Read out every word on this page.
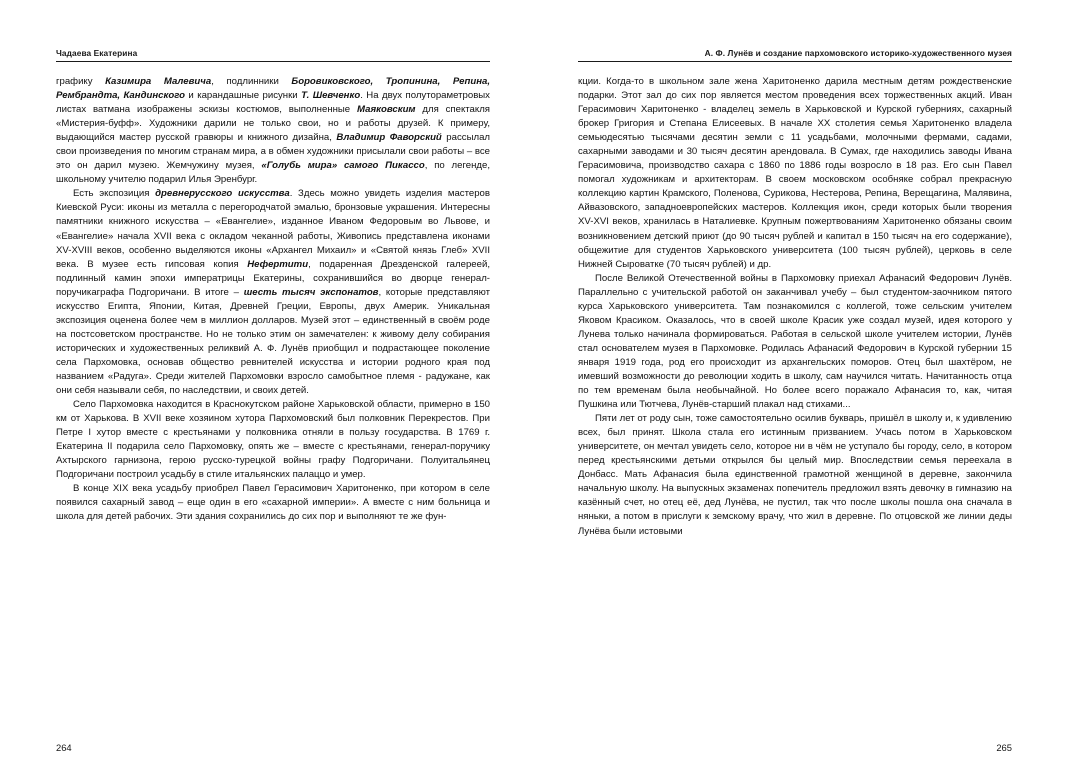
Чадаева Екатерина

графику Казимира Малевича, подлинники Боровиковского, Тропинина, Репина, Рембрандта, Кандинского и карандашные рисунки Т. Шевченко. На двух полутораметровых листах ватмана изображены эскизы костюмов, выполненные Маяковским для спектакля «Мистерия-буфф». Художники дарили не только свои, но и работы друзей. К примеру, выдающийся мастер русской гравюры и книжного дизайна, Владимир Фаворский рассылал свои произведения по многим странам мира, а в обмен художники присылали свои работы – все это он дарил музею. Жемчужину музея, «Голубь мира» самого Пикассо, по легенде, школьному учителю подарил Илья Эренбург.

Есть экспозиция древнерусского искусства. Здесь можно увидеть изделия мастеров Киевской Руси: иконы из металла с перегородчатой эмалью, бронзовые украшения. Интересны памятники книжного искусства – «Евангелие», изданное Иваном Федоровым во Львове, и «Евангелие» начала XVII века с окладом чеканной работы, Живопись представлена иконами XV-XVIII веков, особенно выделяются иконы «Архангел Михаил» и «Святой князь Глеб» XVII века. В музее есть гипсовая копия Нефертити, подаренная Дрезденской галереей, подлинный камин эпохи императрицы Екатерины, сохранившийся во дворце генерал-поручикаграфа Подгоричани. В итоге – шесть тысяч экспонатов, которые представляют искусство Египта, Японии, Китая, Древней Греции, Европы, двух Америк. Уникальная экспозиция оценена более чем в миллион долларов. Музей этот – единственный в своём роде на постсоветском пространстве. Но не только этим он замечателен: к живому делу собирания исторических и художественных реликвий А. Ф. Лунёв приобщил и подрастающее поколение села Пархомовка, основав общество ревнителей искусства и истории родного края под названием «Радуга». Среди жителей Пархомовки взросло самобытное племя - радужане, как они себя называли себя, по наследствии, и своих детей.

Село Пархомовка находится в Краснокутском районе Харьковской области, примерно в 150 км от Харькова. В XVII веке хозяином хутора Пархомовский был полковник Перекрестов. При Петре I хутор вместе с крестьянами у полковника отняли в пользу государства. В 1769 г. Екатерина II подарила село Пархомовку, опять же – вместе с крестьянами, генерал-поручику Ахтырского гарнизона, герою русско-турецкой войны графу Подгоричани. Полуитальянец Подгоричани построил усадьбу в стиле итальянских палаццо и умер.

В конце XIX века усадьбу приобрел Павел Герасимович Харитоненко, при котором в селе появился сахарный завод – еще один в его «сахарной империи». А вместе с ним больница и школа для детей рабочих. Эти здания сохранились до сих пор и выполняют те же фун-

264
А. Ф. Лунёв и создание пархомовского историко-художественного музея

кции. Когда-то в школьном зале жена Харитоненко дарила местным детям рождественские подарки. Этот зал до сих пор является местом проведения всех торжественных акций. Иван Герасимович Харитоненко - владелец земель в Харьковской и Курской губерниях, сахарный брокер Григория и Степана Елисеевых. В начале XX столетия семья Харитоненко владела семьюдесятью тысячами десятин земли с 11 усадьбами, молочными фермами, садами, сахарными заводами и 30 тысяч десятин арендовала. В Сумах, где находились заводы Ивана Герасимовича, производство сахара с 1860 по 1886 годы возросло в 18 раз. Его сын Павел помогал художникам и архитекторам. В своем московском особняке собрал прекрасную коллекцию картин Крамского, Поленова, Сурикова, Нестерова, Репина, Верещагина, Малявина, Айвазовского, западноевропейских мастеров. Коллекция икон, среди которых были творения XV-XVI веков, хранилась в Наталиевке. Крупным пожертвованиям Харитоненко обязаны своим возникновением детский приют (до 90 тысяч рублей и капитал в 150 тысяч на его содержание), общежитие для студентов Харьковского университета (100 тысяч рублей), церковь в селе Нижней Сыроватке (70 тысяч рублей) и др.

После Великой Отечественной войны в Пархомовку приехал Афанасий Федорович Лунёв. Параллельно с учительской работой он заканчивал учебу – был студентом-заочником пятого курса Харьковского университета. Там познакомился с коллегой, тоже сельским учителем Яковом Красиком. Оказалось, что в своей школе Красик уже создал музей, идея которого у Лунева только начинала формироваться. Работая в сельской школе учителем истории, Лунёв стал основателем музея в Пархомовке. Родилась Афанасий Федорович в Курской губернии 15 января 1919 года, род его происходит из архангельских поморов. Отец был шахтёром, не имевший возможности до революции ходить в школу, сам научился читать. Начитанность отца по тем временам была необычайной. Но более всего поражало Афанасия то, как, читая Пушкина или Тютчева, Лунёв-старший плакал над стихами...

Пяти лет от роду сын, тоже самостоятельно осилив букварь, пришёл в школу и, к удивлению всех, был принят. Школа стала его истинным призванием. Учась потом в Харьковском университете, он мечтал увидеть село, которое ни в чём не уступало бы городу, село, в котором перед крестьянскими детьми открылся бы целый мир. Впоследствии семья переехала в Донбасс. Мать Афанасия была единственной грамотной женщиной в деревне, закончила начальную школу. На выпускных экзаменах попечитель предложил взять девочку в гимназию на казённый счет, но отец её, дед Лунёва, не пустил, так что после школы пошла она сначала в няньки, а потом в прислуги к земскому врачу, что жил в деревне. По отцовской же линии деды Лунёва были истовыми

265
